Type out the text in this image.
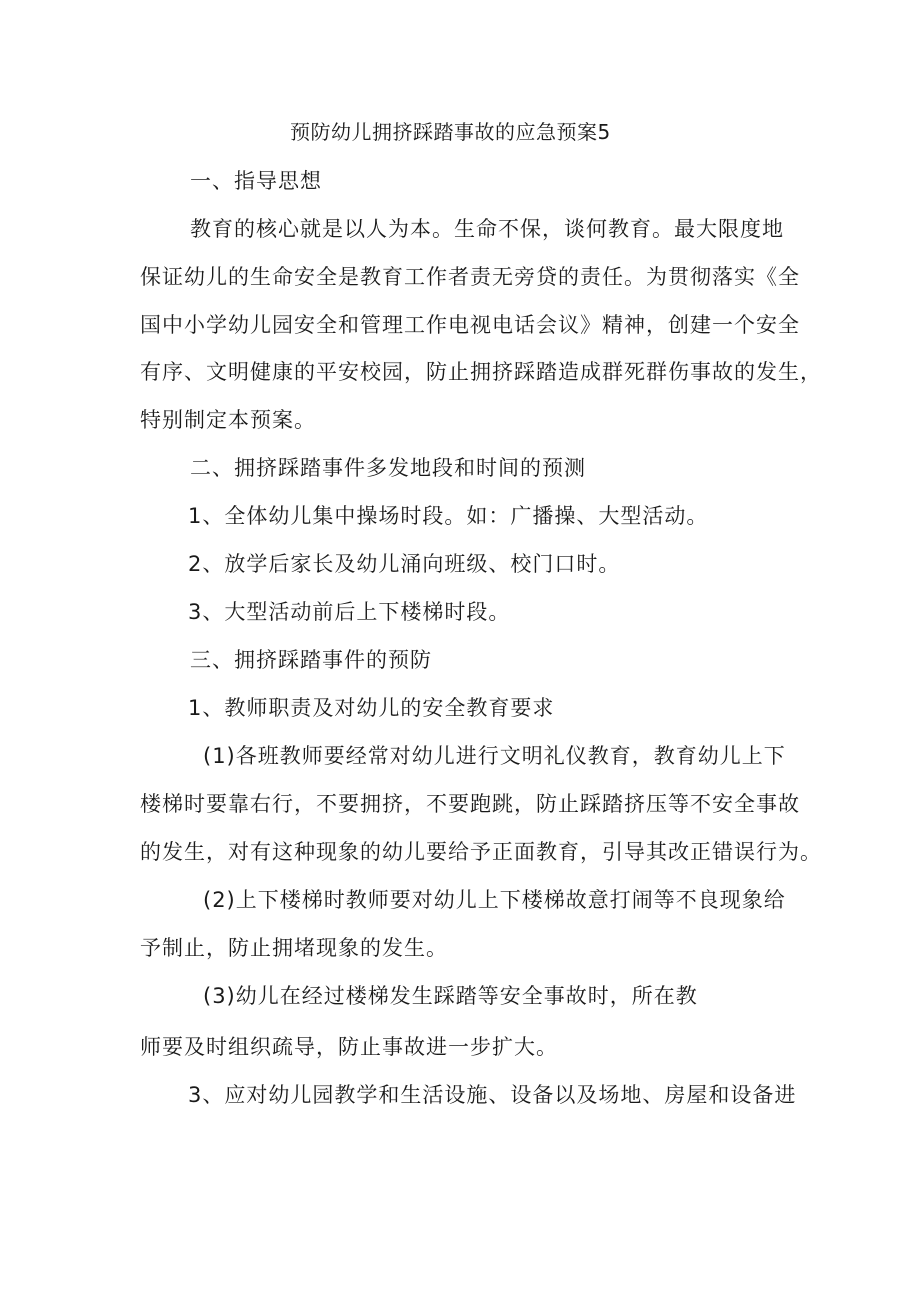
预防幼儿拥挤踩踏事故的应急预案5

一、指导思想

教育的核心就是以人为本。生命不保，谈何教育。最大限度地

保证幼儿的生命安全是教育工作者责无旁贷的责任。为贯彻落实《全

国中小学幼儿园安全和管理工作电视电话会议》精神，创建一个安全

有序、文明健康的平安校园，防止拥挤踩踏造成群死群伤事故的发生，

特别制定本预案。

二、拥挤踩踏事件多发地段和时间的预测

1、全体幼儿集中操场时段。如：广播操、大型活动。

2、放学后家长及幼儿涌向班级、校门口时。

3、大型活动前后上下楼梯时段。

三、拥挤踩踏事件的预防

1、教师职责及对幼儿的安全教育要求

(1)各班教师要经常对幼儿进行文明礼仪教育，教育幼儿上下

楼梯时要靠右行，不要拥挤，不要跑跳，防止踩踏挤压等不安全事故

的发生，对有这种现象的幼儿要给予正面教育，引导其改正错误行为。

(2)上下楼梯时教师要对幼儿上下楼梯故意打闹等不良现象给

予制止，防止拥堵现象的发生。

(3)幼儿在经过楼梯发生踩踏等安全事故时，所在教

师要及时组织疏导，防止事故进一步扩大。

3、应对幼儿园教学和生活设施、设备以及场地、房屋和设备进
